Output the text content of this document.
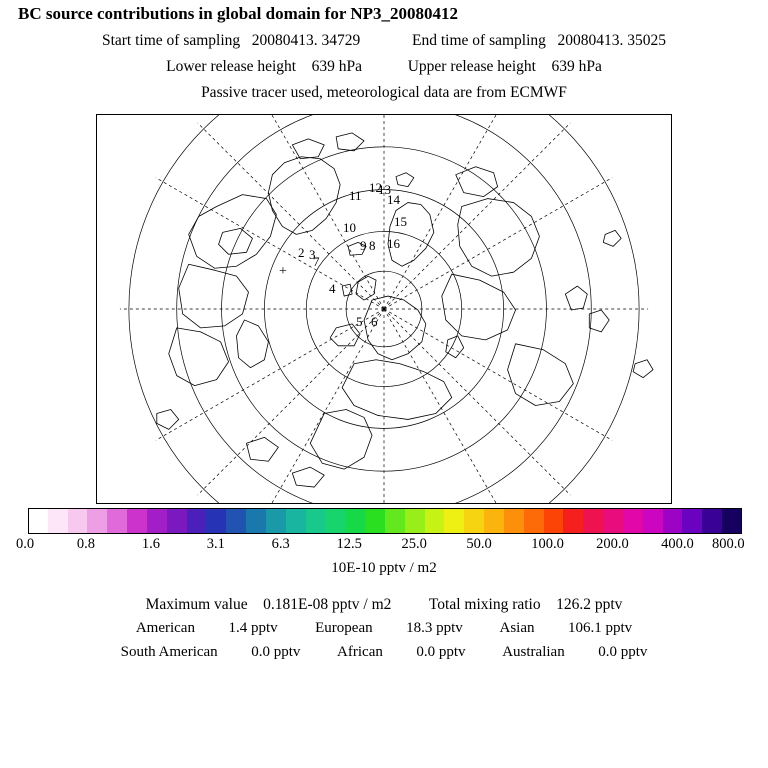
BC source contributions in global domain for NP3_20080412
Start time of sampling 20080413. 34729	End time of sampling 20080413. 35025
Lower release height 639 hPa	Upper release height 639 hPa
Passive tracer used, meteorological data are from ECMWF
+
11
12
13
14
15
10
9 8 16
2 3
7
4
5 6
0.0	0.8	1.6	3.1	6.3	12.5	25.0	50.0	100.0 200.0 400.0 800.0
10E-10 pptv / m2
Maximum value 0.181E-08 pptv / m2 Total mixing ratio 126.2 pptv
American 1.4 pptv	European 18.3 pptv Asian 106.1 pptv
South American 0.0 pptv African 0.0 pptv Australian 0.0 pptv
